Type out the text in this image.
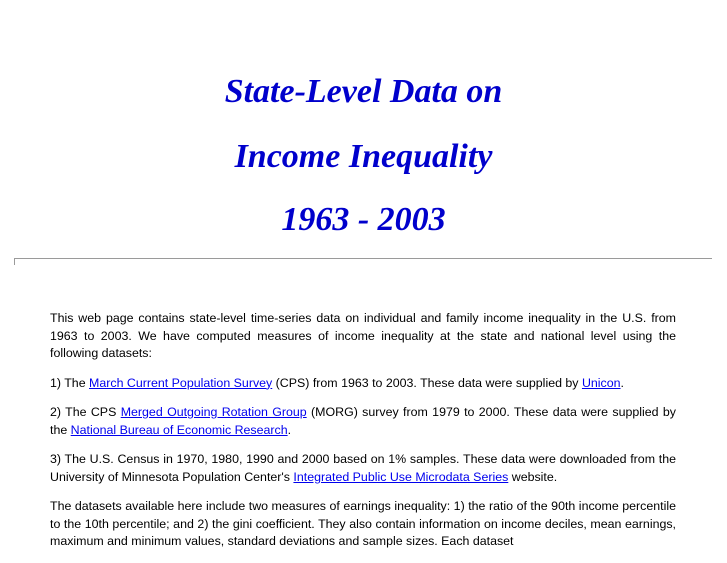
State-Level Data on
Income Inequality
1963 - 2003

This web page contains state-level time-series data on individual and family income inequality in the U.S. from 1963 to 2003. We have computed measures of income inequality at the state and national level using the following datasets:

1) The March Current Population Survey (CPS) from 1963 to 2003. These data were supplied by Unicon.

2) The CPS Merged Outgoing Rotation Group (MORG) survey from 1979 to 2000. These data were supplied by the National Bureau of Economic Research.

3) The U.S. Census in 1970, 1980, 1990 and 2000 based on 1% samples. These data were downloaded from the University of Minnesota Population Center's Integrated Public Use Microdata Series website.

The datasets available here include two measures of earnings inequality: 1) the ratio of the 90th income percentile to the 10th percentile; and 2) the gini coefficient. They also contain information on income deciles, mean earnings, maximum and minimum values, standard deviations and sample sizes. Each dataset
